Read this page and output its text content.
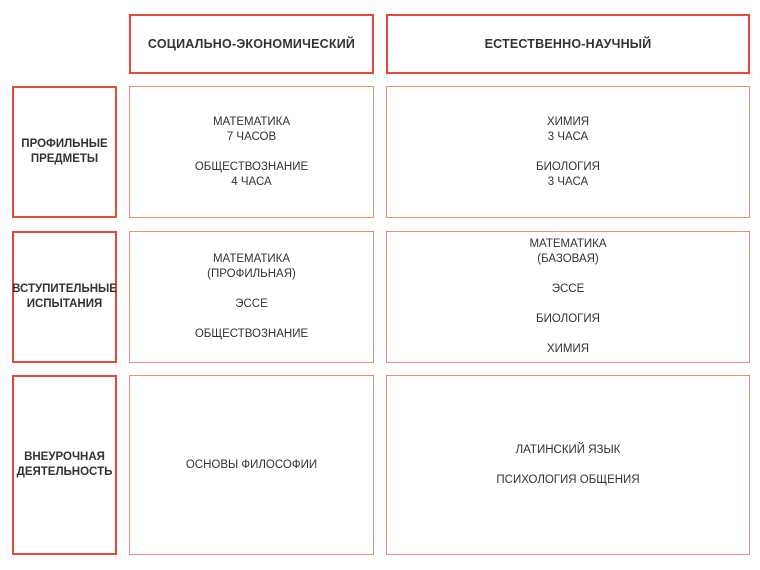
СОЦИАЛЬНО-ЭКОНОМИЧЕСКИЙ	ЕСТЕСТВЕННО-НАУЧНЫЙ
ПРОФИЛЬНЫЕ
ПРЕДМЕТЫ
МАТЕМАТИКА
7 ЧАСОВ
ОБЩЕСТВОЗНАНИЕ
4 ЧАСА
ХИМИЯ
3 ЧАСА
БИОЛОГИЯ
3 ЧАСА
ВСТУПИТЕЛЬНЫЕ
ИСПЫТАНИЯ
МАТЕМАТИКА
(ПРОФИЛЬНАЯ)
ЭССЕ
ОБЩЕСТВОЗНАНИЕ
МАТЕМАТИКА
(БАЗОВАЯ)
ЭССЕ
БИОЛОГИЯ
ХИМИЯ
ВНЕУРОЧНАЯ
ДЕЯТЕЛЬНОСТЬ
ОСНОВЫ ФИЛОСОФИИ
ЛАТИНСКИЙ ЯЗЫК
ПСИХОЛОГИЯ ОБЩЕНИЯ
